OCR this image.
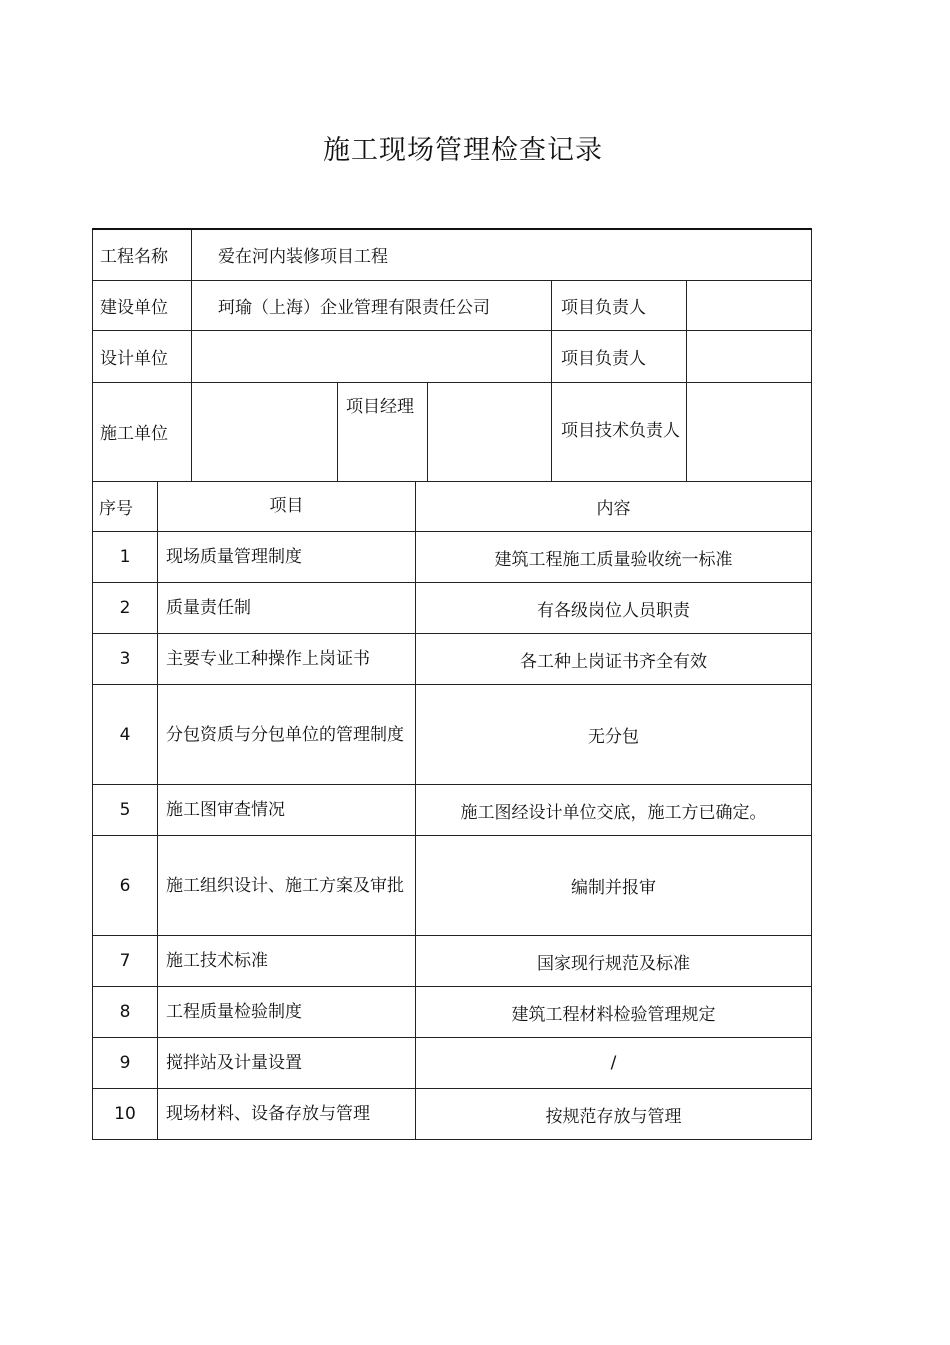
施工现场管理检查记录
工程名称	爱在河内装修项目工程				
建设单位	珂瑜（上海）企业管理有限责任公司			项目负责人	
设计单位				项目负责人	
施工单位		项目经理		项目技术负责人	
序号	项目	内容
1	现场质量管理制度	建筑工程施工质量验收统一标准
2	质量责任制	有各级岗位人员职责
3	主要专业工种操作上岗证书	各工种上岗证书齐全有效
4	分包资质与分包单位的管理制度	无分包
5	施工图审查情况	施工图经设计单位交底，施工方已确定。
6	施工组织设计、施工方案及审批	编制并报审
7	施工技术标准	国家现行规范及标准
8	工程质量检验制度	建筑工程材料检验管理规定
9	搅拌站及计量设置	/
10	现场材料、设备存放与管理	按规范存放与管理
